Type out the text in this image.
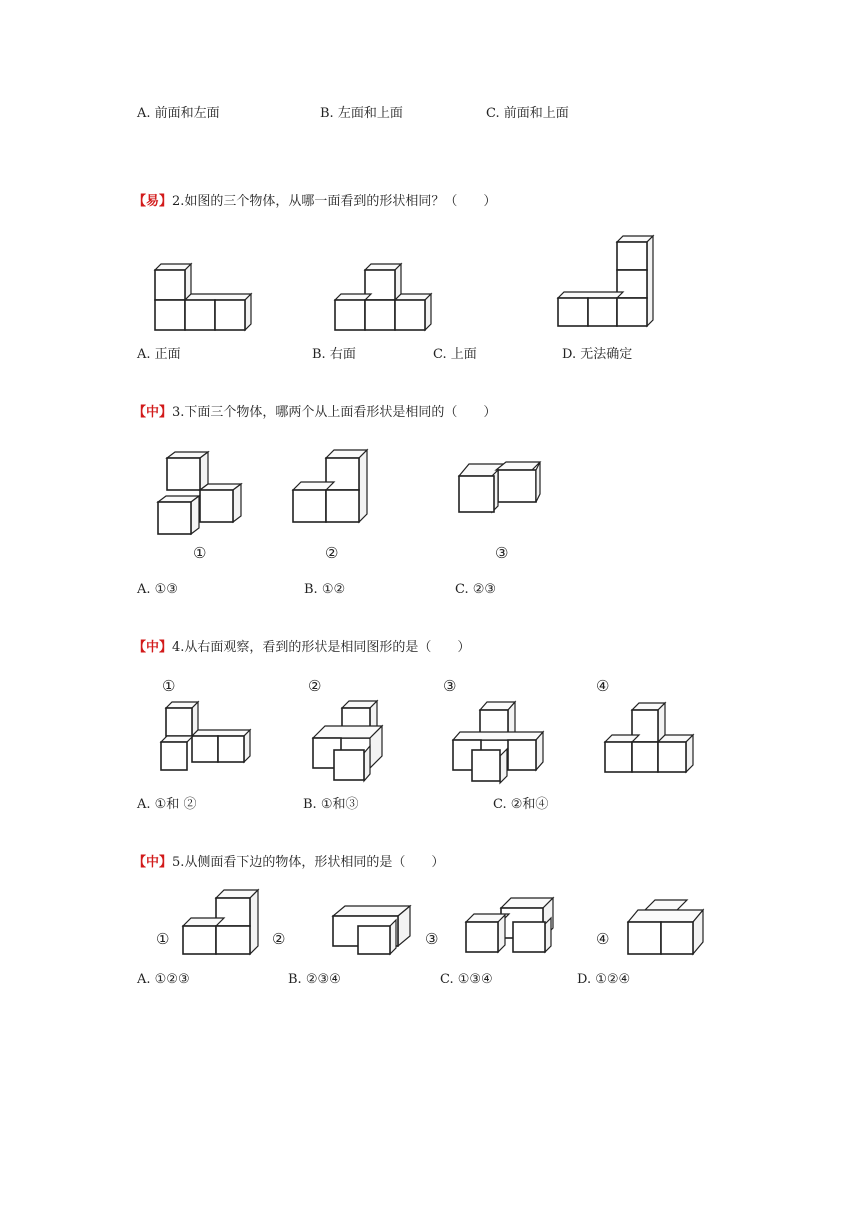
A. 前面和左面	B. 左面和上面	C. 前面和上面
【易】2.如图的三个物体，从哪一面看到的形状相同？（　　）
A. 正面	B. 右面	C. 上面	D. 无法确定
【中】3.下面三个物体，哪两个从上面看形状是相同的（　　）
①	②	③
A. ①③	B. ①②	C. ②③
【中】4.从右面观察，看到的形状是相同图形的是（　　）
①	②	③	④
A. ①和 ②	B. ①和③	C. ②和④
【中】5.从侧面看下边的物体，形状相同的是（　　）
①	②	③	④
A. ①②③	B. ②③④	C. ①③④	D. ①②④
